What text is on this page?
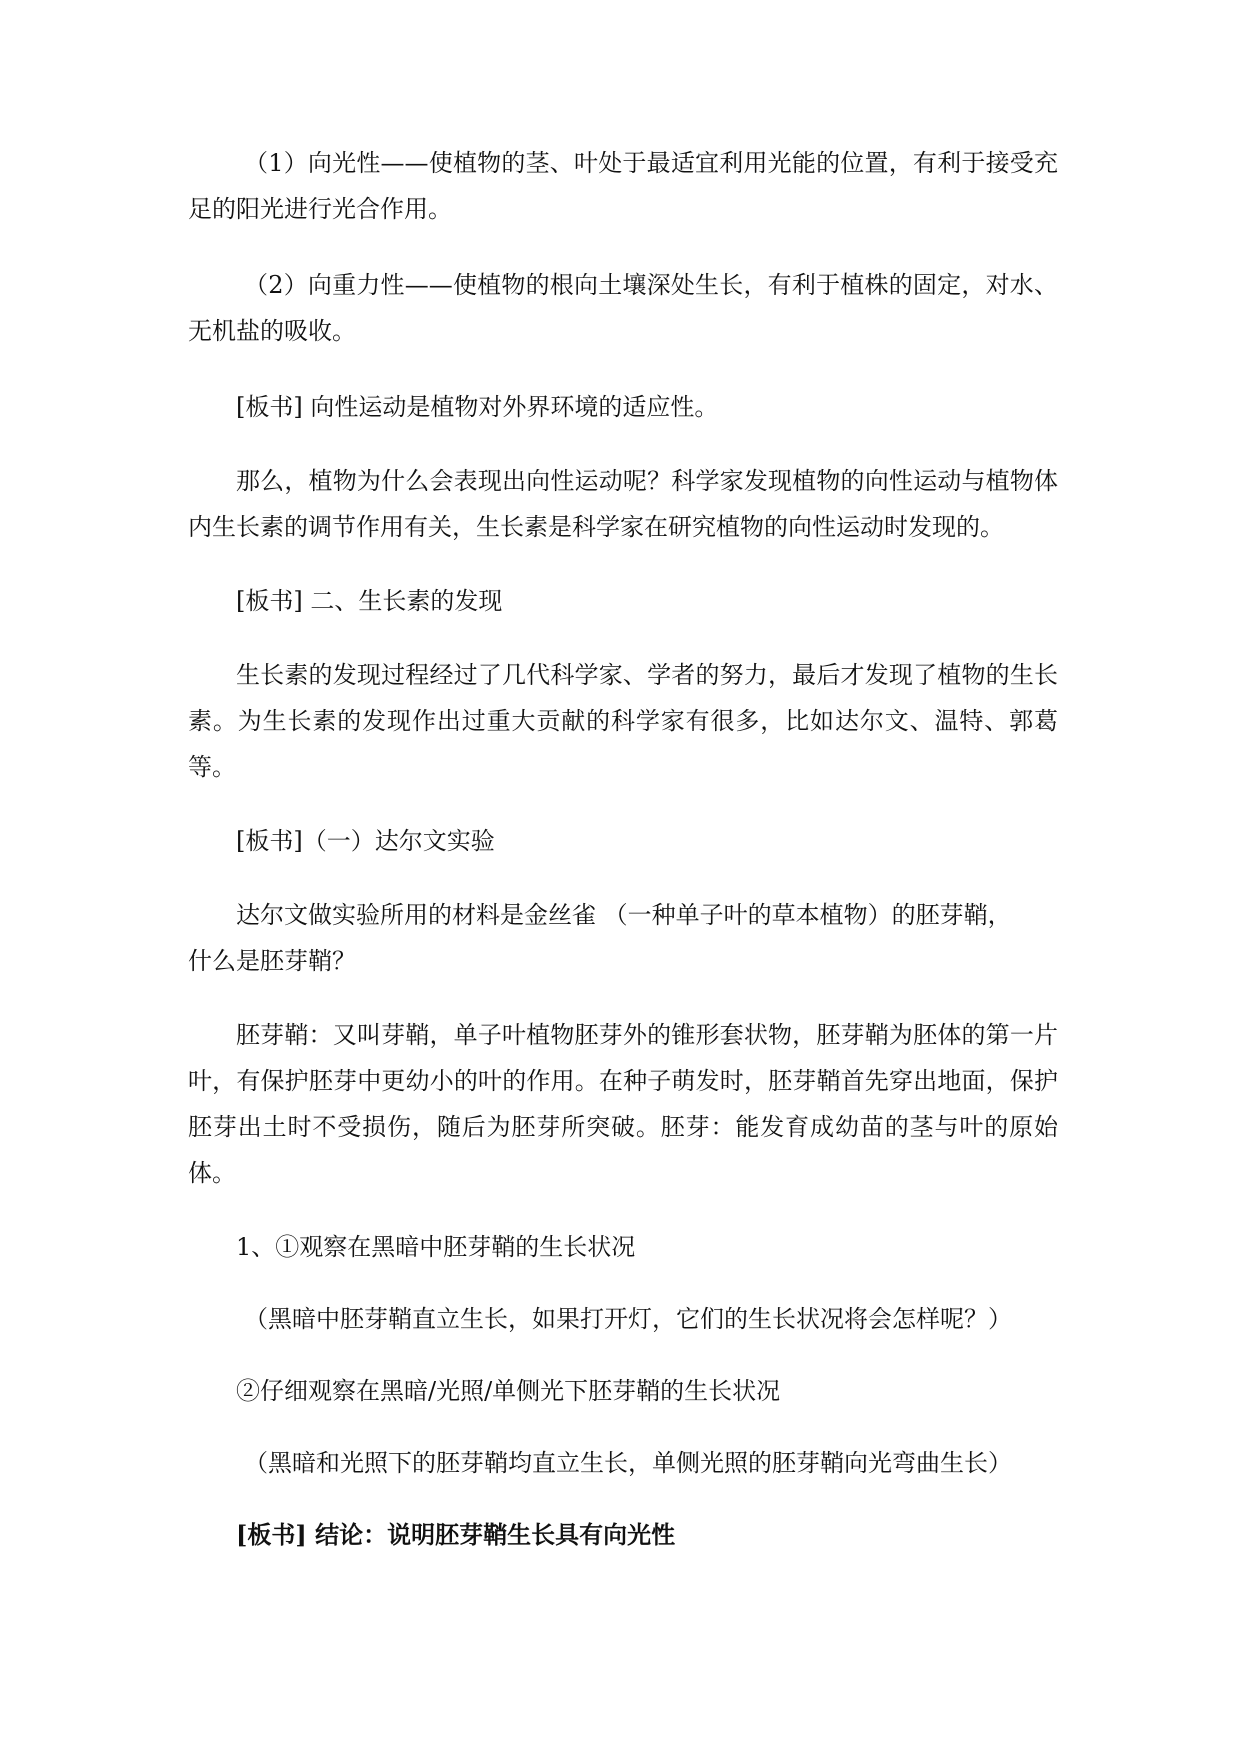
（1）向光性——使植物的茎、叶处于最适宜利用光能的位置，有利于接受充足的阳光进行光合作用。

（2）向重力性——使植物的根向土壤深处生长，有利于植株的固定，对水、无机盐的吸收。

[板书] 向性运动是植物对外界环境的适应性。

那么，植物为什么会表现出向性运动呢？科学家发现植物的向性运动与植物体内生长素的调节作用有关，生长素是科学家在研究植物的向性运动时发现的。

[板书] 二、生长素的发现

生长素的发现过程经过了几代科学家、学者的努力，最后才发现了植物的生长素。为生长素的发现作出过重大贡献的科学家有很多，比如达尔文、温特、郭葛等。

[板书]（一）达尔文实验

达尔文做实验所用的材料是金丝雀 （一种单子叶的草本植物）的胚芽鞘，

什么是胚芽鞘？

胚芽鞘：又叫芽鞘，单子叶植物胚芽外的锥形套状物，胚芽鞘为胚体的第一片叶，有保护胚芽中更幼小的叶的作用。在种子萌发时，胚芽鞘首先穿出地面，保护胚芽出土时不受损伤，随后为胚芽所突破。胚芽：能发育成幼苗的茎与叶的原始体。

1、①观察在黑暗中胚芽鞘的生长状况

（黑暗中胚芽鞘直立生长，如果打开灯，它们的生长状况将会怎样呢？）

②仔细观察在黑暗/光照/单侧光下胚芽鞘的生长状况

（黑暗和光照下的胚芽鞘均直立生长，单侧光照的胚芽鞘向光弯曲生长）

[板书] 结论：说明胚芽鞘生长具有向光性
